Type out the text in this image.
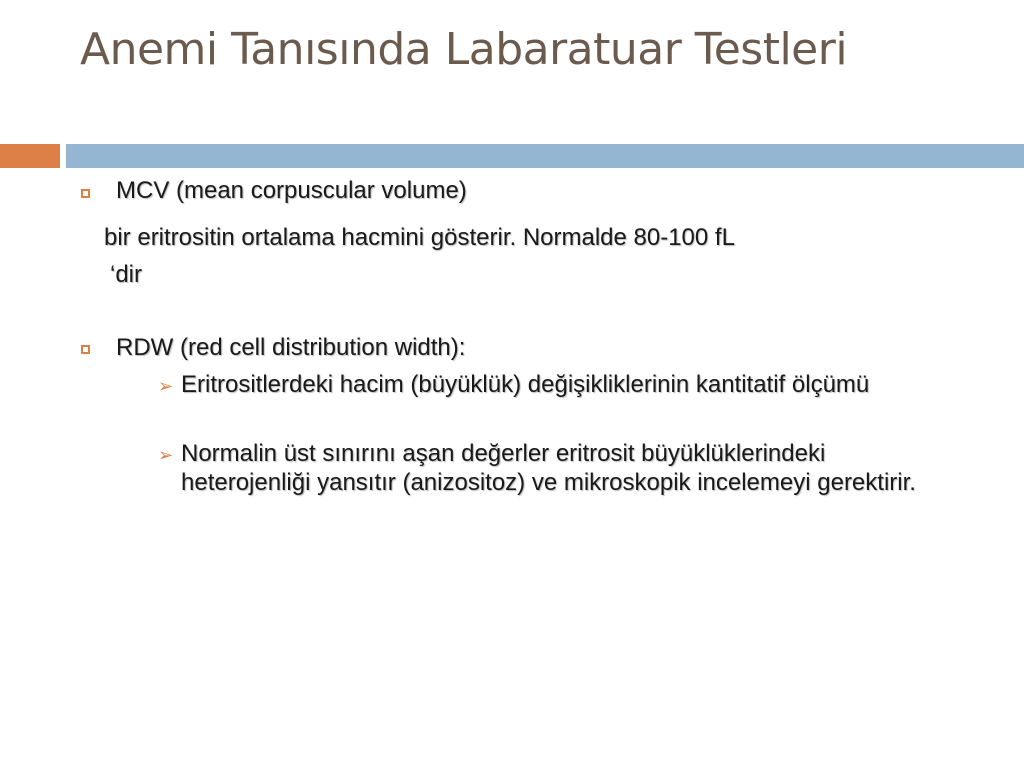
Anemi Tanısında Labaratuar Testleri
MCV (mean corpuscular volume)
bir eritrositin ortalama hacmini gösterir. Normalde 80-100 fL
‘dir
RDW (red cell distribution width):
➢ Eritrositlerdeki hacim (büyüklük) değişikliklerinin kantitatif ölçümü
➢ Normalin üst sınırını aşan değerler eritrosit büyüklüklerindeki heterojenliği yansıtır (anizositoz) ve mikroskopik incelemeyi gerektirir.
